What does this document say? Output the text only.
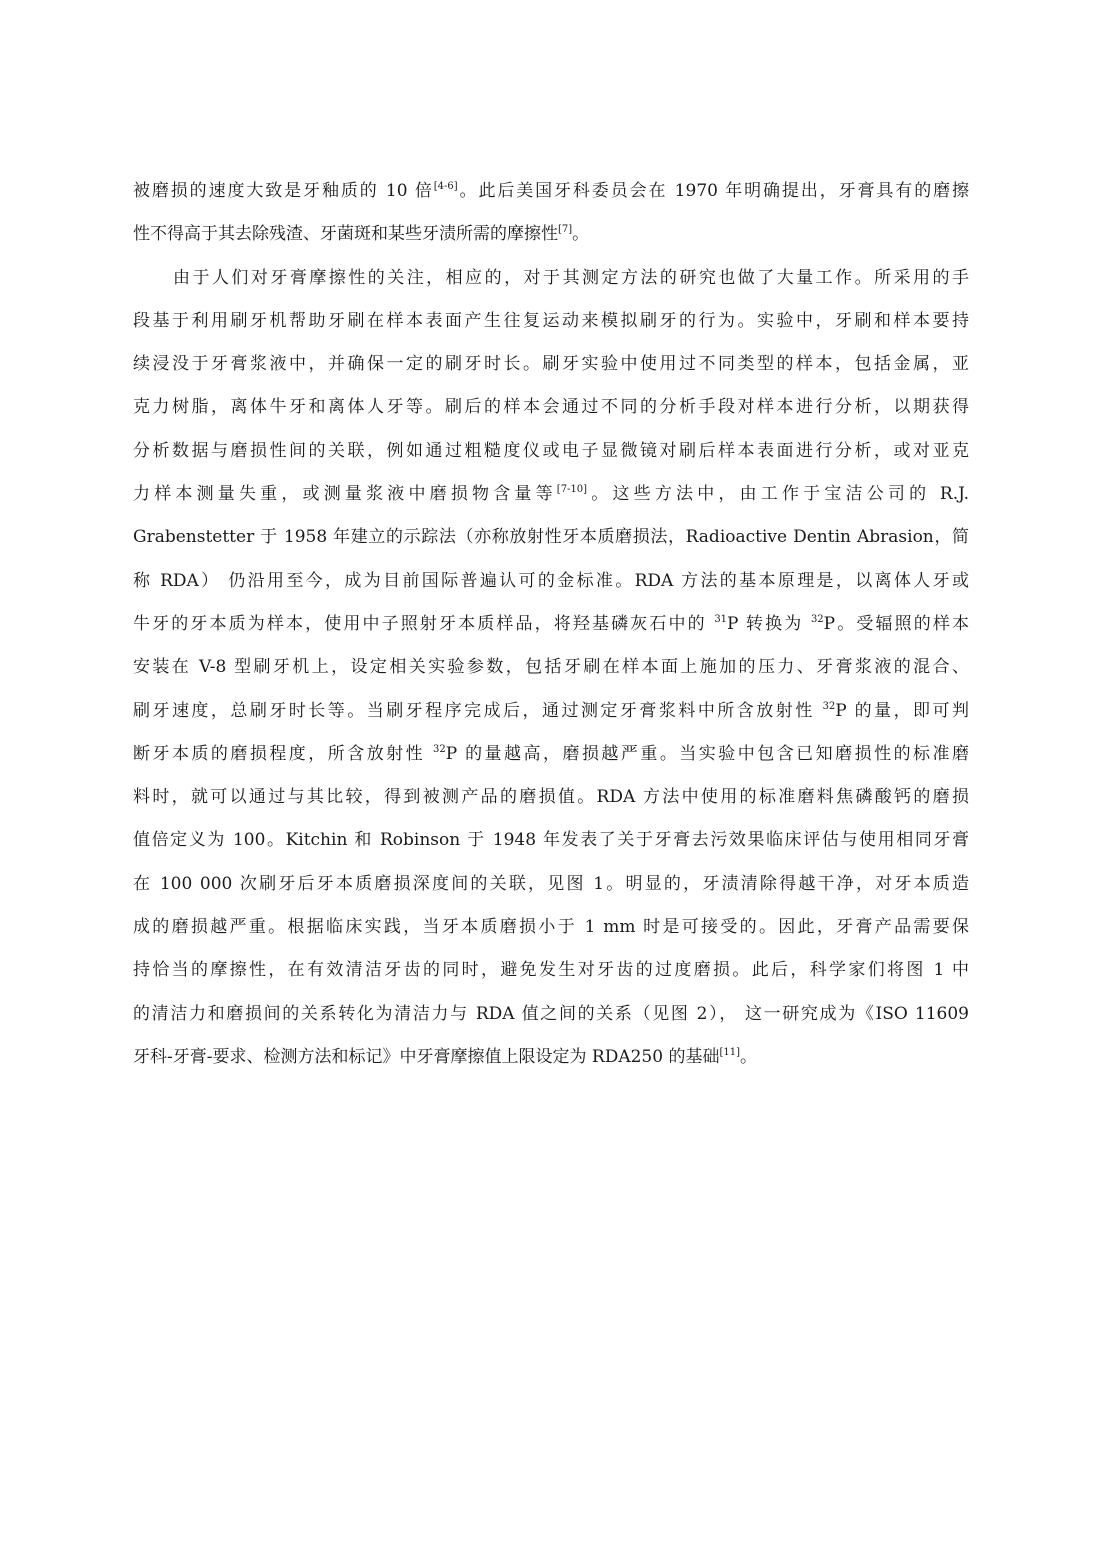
被磨损的速度大致是牙釉质的 10 倍[4-6]。此后美国牙科委员会在 1970 年明确提出，牙膏具有的磨擦
性不得高于其去除残渣、牙菌斑和某些牙渍所需的摩擦性[7]。
由于人们对牙膏摩擦性的关注，相应的，对于其测定方法的研究也做了大量工作。所采用的手
段基于利用刷牙机帮助牙刷在样本表面产生往复运动来模拟刷牙的行为。实验中，牙刷和样本要持
续浸没于牙膏浆液中，并确保一定的刷牙时长。刷牙实验中使用过不同类型的样本，包括金属，亚
克力树脂，离体牛牙和离体人牙等。刷后的样本会通过不同的分析手段对样本进行分析，以期获得
分析数据与磨损性间的关联，例如通过粗糙度仪或电子显微镜对刷后样本表面进行分析，或对亚克
力样本测量失重，或测量浆液中磨损物含量等[7-10]。这些方法中，由工作于宝洁公司的 R.J.
Grabenstetter 于 1958 年建立的示踪法（亦称放射性牙本质磨损法，Radioactive Dentin Abrasion，简
称 RDA） 仍沿用至今，成为目前国际普遍认可的金标准。RDA 方法的基本原理是，以离体人牙或
牛牙的牙本质为样本，使用中子照射牙本质样品，将羟基磷灰石中的 $^{31}$P 转换为 $^{32}$P。受辐照的样本
安装在 V-8 型刷牙机上，设定相关实验参数，包括牙刷在样本面上施加的压力、牙膏浆液的混合、
刷牙速度，总刷牙时长等。当刷牙程序完成后，通过测定牙膏浆料中所含放射性 $^{32}$P 的量，即可判
断牙本质的磨损程度，所含放射性 $^{32}$P 的量越高，磨损越严重。当实验中包含已知磨损性的标准磨
料时，就可以通过与其比较，得到被测产品的磨损值。RDA 方法中使用的标准磨料焦磷酸钙的磨损
值倍定义为 100。Kitchin 和 Robinson 于 1948 年发表了关于牙膏去污效果临床评估与使用相同牙膏
在 100 000 次刷牙后牙本质磨损深度间的关联，见图 1。明显的，牙渍清除得越干净，对牙本质造
成的磨损越严重。根据临床实践，当牙本质磨损小于 1 mm 时是可接受的。因此，牙膏产品需要保
持恰当的摩擦性，在有效清洁牙齿的同时，避免发生对牙齿的过度磨损。此后，科学家们将图 1 中
的清洁力和磨损间的关系转化为清洁力与 RDA 值之间的关系（见图 2）， 这一研究成为《ISO 11609
牙科-牙膏-要求、检测方法和标记》中牙膏摩擦值上限设定为 RDA250 的基础[11]。
